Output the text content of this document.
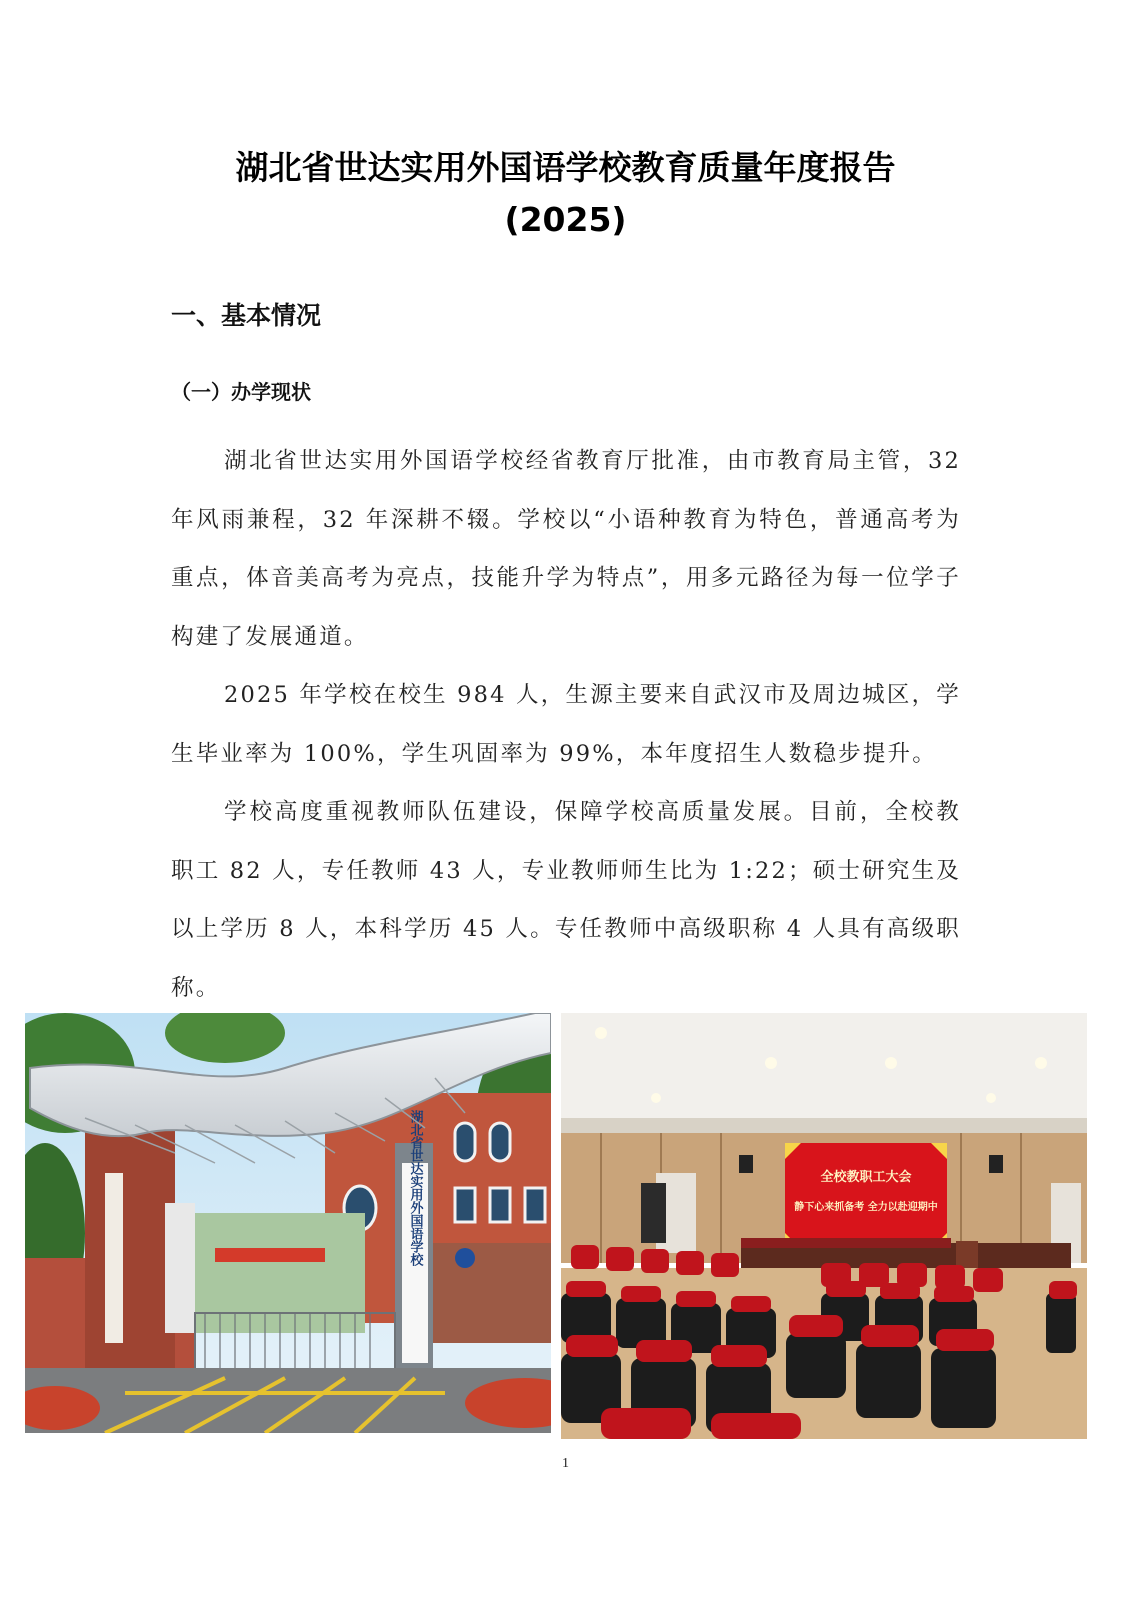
湖北省世达实用外国语学校教育质量年度报告
(2025)
一、基本情况
（一）办学现状

湖北省世达实用外国语学校经省教育厅批准，由市教育局主管，32 年风雨兼程，32 年深耕不辍。学校以“小语种教育为特色，普通高考为重点，体音美高考为亮点，技能升学为特点”，用多元路径为每一位学子构建了发展通道。

2025 年学校在校生 984 人，生源主要来自武汉市及周边城区，学生毕业率为 100%，学生巩固率为 99%，本年度招生人数稳步提升。

学校高度重视教师队伍建设，保障学校高质量发展。目前，全校教职工 82 人，专任教师 43 人，专业教师师生比为 1:22；硕士研究生及以上学历 8 人，本科学历 45 人。专任教师中高级职称 4 人具有高级职称。

湖北省世达实用外国语学校	全校教职工大会
静下心来抓备考 全力以赴迎期中
1
